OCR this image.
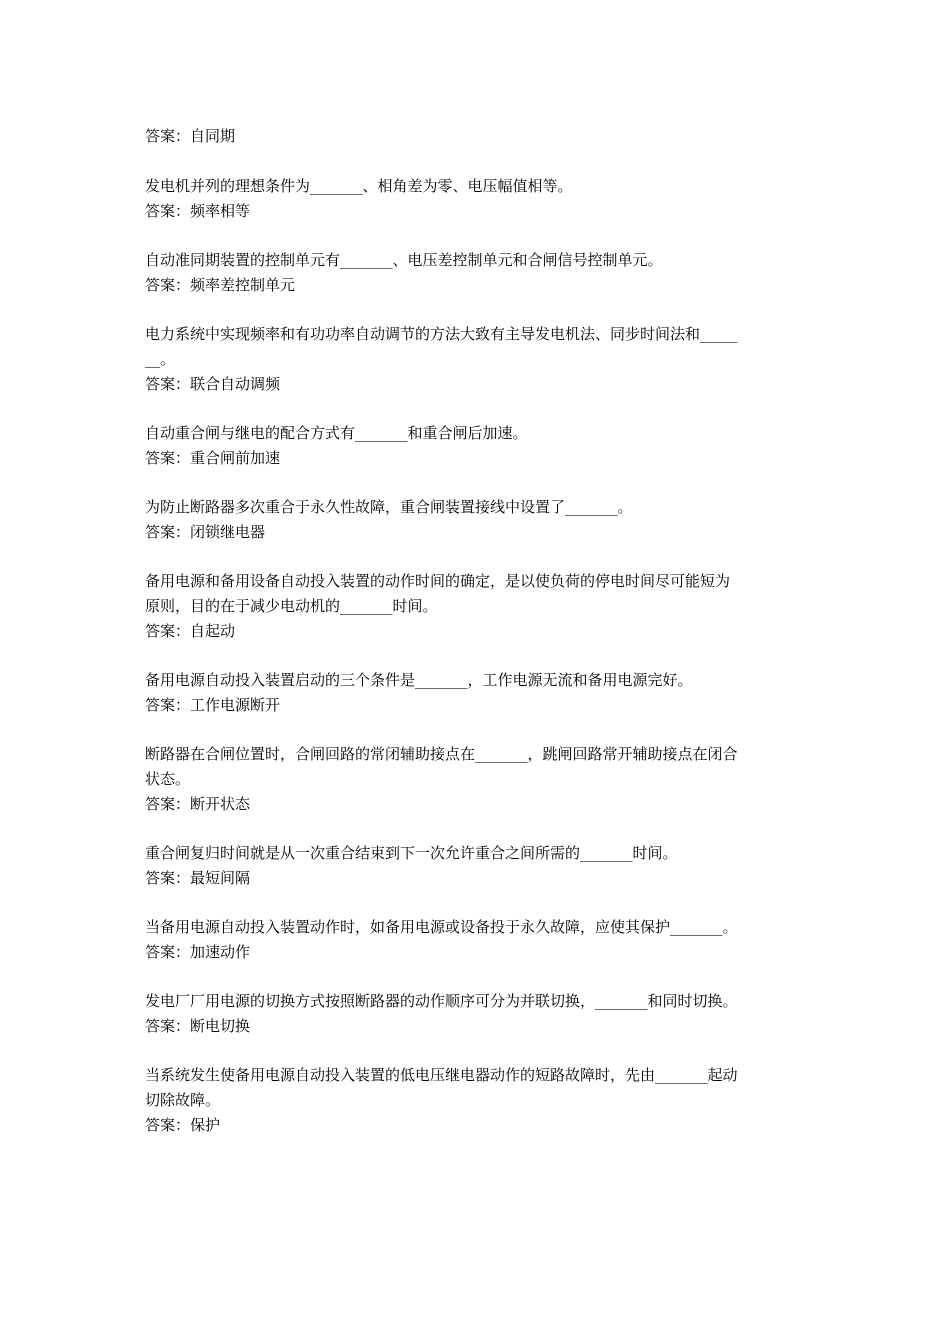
答案：自同期
发电机并列的理想条件为_______、相角差为零、电压幅值相等。
答案：频率相等
自动准同期装置的控制单元有_______、电压差控制单元和合闸信号控制单元。
答案：频率差控制单元
电力系统中实现频率和有功功率自动调节的方法大致有主导发电机法、同步时间法和_____
__。
答案：联合自动调频
自动重合闸与继电的配合方式有_______和重合闸后加速。
答案：重合闸前加速
为防止断路器多次重合于永久性故障，重合闸装置接线中设置了_______。
答案：闭锁继电器
备用电源和备用设备自动投入装置的动作时间的确定，是以使负荷的停电时间尽可能短为
原则，目的在于减少电动机的_______时间。
答案：自起动
备用电源自动投入装置启动的三个条件是_______，工作电源无流和备用电源完好。
答案：工作电源断开
断路器在合闸位置时，合闸回路的常闭辅助接点在_______，跳闸回路常开辅助接点在闭合
状态。
答案：断开状态
重合闸复归时间就是从一次重合结束到下一次允许重合之间所需的_______时间。
答案：最短间隔
当备用电源自动投入装置动作时，如备用电源或设备投于永久故障，应使其保护_______。
答案：加速动作
发电厂厂用电源的切换方式按照断路器的动作顺序可分为并联切换，_______和同时切换。
答案：断电切换
当系统发生使备用电源自动投入装置的低电压继电器动作的短路故障时，先由_______起动
切除故障。
答案：保护
